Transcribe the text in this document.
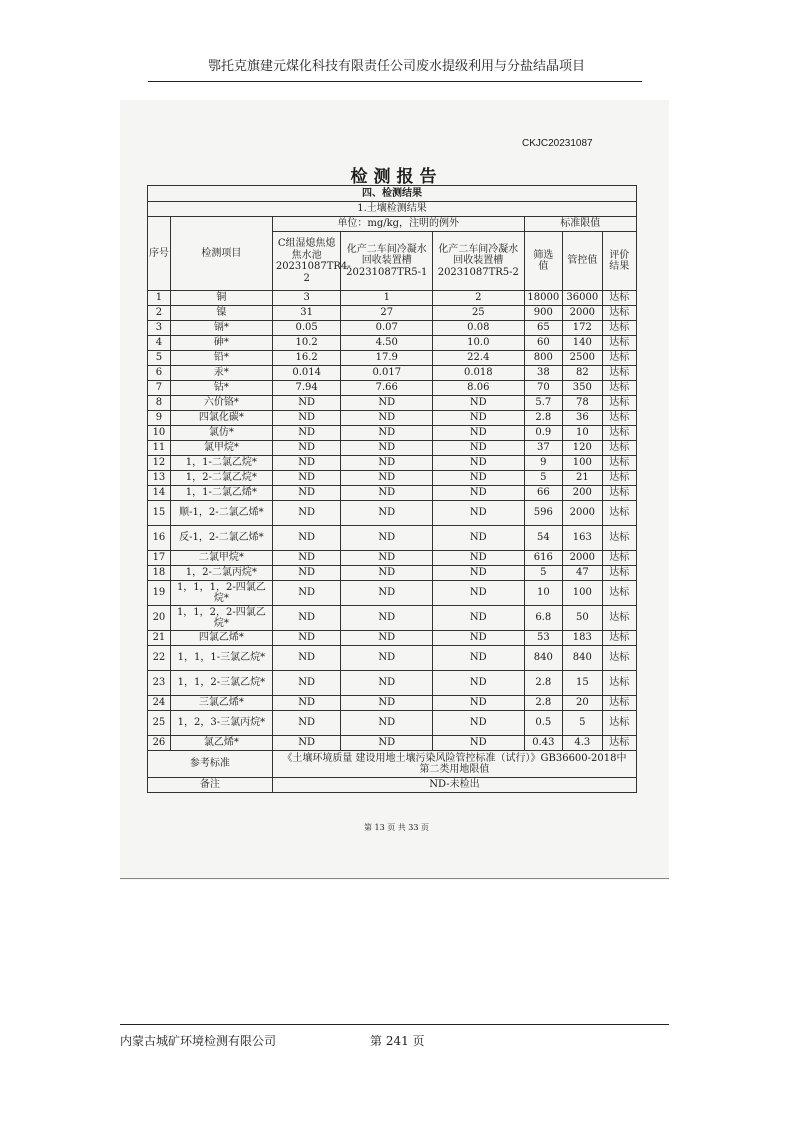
鄂托克旗建元煤化科技有限责任公司废水提级利用与分盐结晶项目
CKJC20231087
检测报告
四、检测结果							
1.土壤检测结果							
序号	检测项目	单位：mg/kg，注明的例外			标准限值		
		C组湿熄焦熄焦水池20231087TR4-2	化产二车间冷凝水回收装置槽20231087TR5-1	化产二车间冷凝水回收装置槽20231087TR5-2	筛选值	管控值	评价结果
1	铜	3	1	2	18000	36000	达标
2	镍	31	27	25	900	2000	达标
3	镉*	0.05	0.07	0.08	65	172	达标
4	砷*	10.2	4.50	10.0	60	140	达标
5	铅*	16.2	17.9	22.4	800	2500	达标
6	汞*	0.014	0.017	0.018	38	82	达标
7	钴*	7.94	7.66	8.06	70	350	达标
8	六价铬*	ND	ND	ND	5.7	78	达标
9	四氯化碳*	ND	ND	ND	2.8	36	达标
10	氯仿*	ND	ND	ND	0.9	10	达标
11	氯甲烷*	ND	ND	ND	37	120	达标
12	1，1-二氯乙烷*	ND	ND	ND	9	100	达标
13	1，2-二氯乙烷*	ND	ND	ND	5	21	达标
14	1，1-二氯乙烯*	ND	ND	ND	66	200	达标
15	顺-1，2-二氯乙烯*	ND	ND	ND	596	2000	达标
16	反-1，2-二氯乙烯*	ND	ND	ND	54	163	达标
17	二氯甲烷*	ND	ND	ND	616	2000	达标
18	1，2-二氯丙烷*	ND	ND	ND	5	47	达标
19	1，1，1，2-四氯乙烷*	ND	ND	ND	10	100	达标
20	1，1，2，2-四氯乙烷*	ND	ND	ND	6.8	50	达标
21	四氯乙烯*	ND	ND	ND	53	183	达标
22	1，1，1-三氯乙烷*	ND	ND	ND	840	840	达标
23	1，1，2-三氯乙烷*	ND	ND	ND	2.8	15	达标
24	三氯乙烯*	ND	ND	ND	2.8	20	达标
25	1，2，3-三氯丙烷*	ND	ND	ND	0.5	5	达标
26	氯乙烯*	ND	ND	ND	0.43	4.3	达标
参考标准		《土壤环境质量 建设用地土壤污染风险管控标准（试行）》GB36600-2018中第二类用地限值					
备注		ND-未检出					
第 13 页 共 33 页
内蒙古城矿环境检测有限公司	第 241 页
